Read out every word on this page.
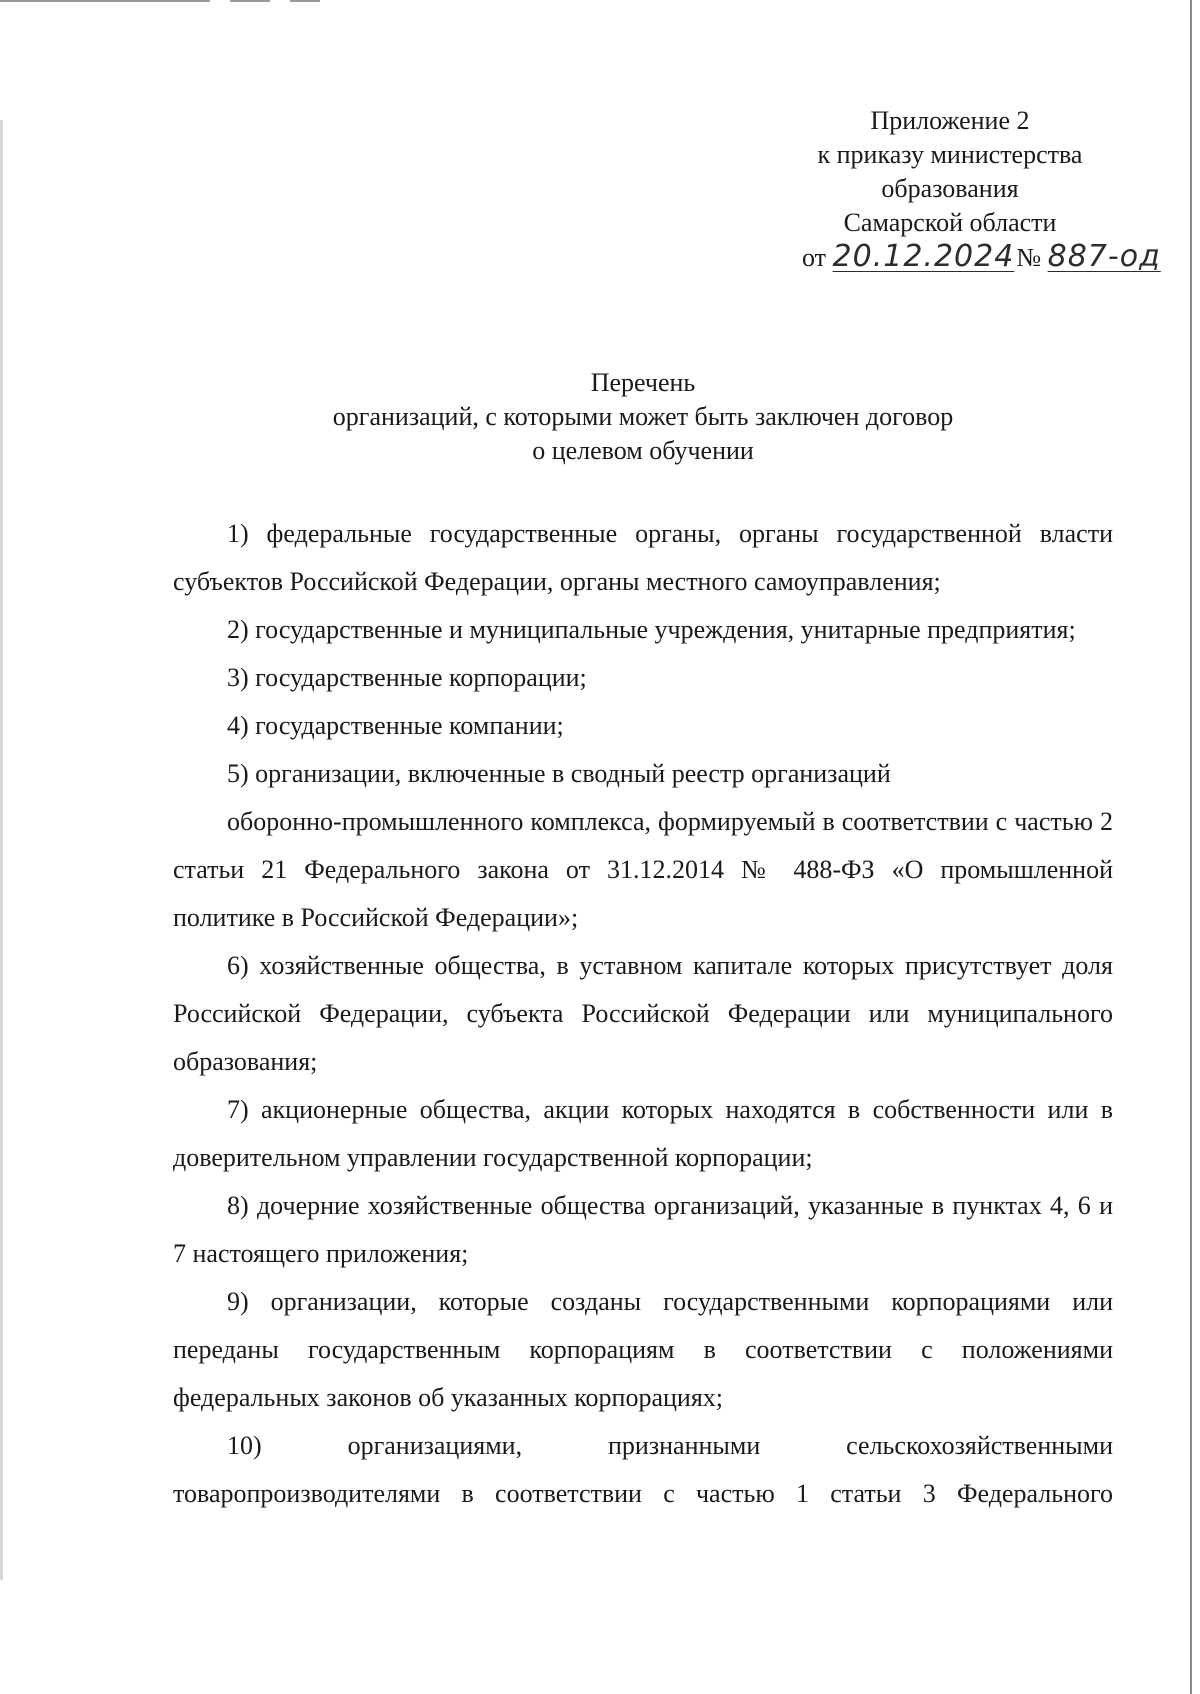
Приложение 2
к приказу министерства
образования
Самарской области
от 20.12.2024№ 887-од
Перечень
организаций, с которыми может быть заключен договор
о целевом обучении

1) федеральные государственные органы, органы государственной власти субъектов Российской Федерации, органы местного самоуправления;

2) государственные и муниципальные учреждения, унитарные предприятия;

3) государственные корпорации;

4) государственные компании;

5) организации, включенные в сводный реестр организаций

оборонно-промышленного комплекса, формируемый в соответствии с частью 2 статьи 21 Федерального закона от 31.12.2014 № 488-ФЗ «О промышленной политике в Российской Федерации»;

6) хозяйственные общества, в уставном капитале которых присутствует доля Российской Федерации, субъекта Российской Федерации или муниципального образования;

7) акционерные общества, акции которых находятся в собственности или в доверительном управлении государственной корпорации;

8) дочерние хозяйственные общества организаций, указанные в пунктах 4, 6 и 7 настоящего приложения;

9) организации, которые созданы государственными корпорациями или переданы государственным корпорациям в соответствии с положениями федеральных законов об указанных корпорациях;

10) организациями, признанными сельскохозяйственными товаропроизводителями в соответствии с частью 1 статьи 3 Федерального
